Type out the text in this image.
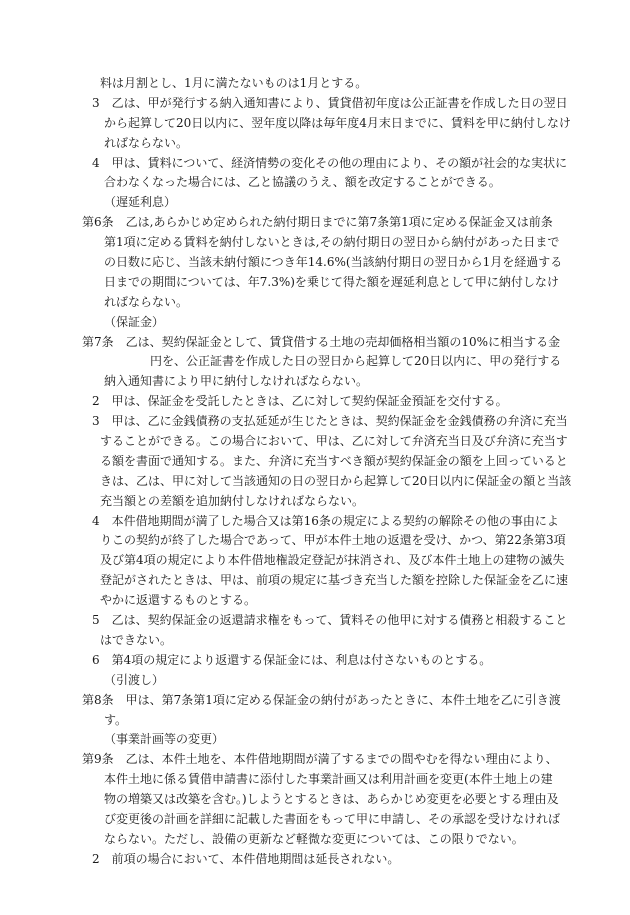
料は月割とし、1月に満たないものは1月とする。
3　乙は、甲が発行する納入通知書により、賃貸借初年度は公正証書を作成した日の翌日
から起算して20日以内に、翌年度以降は毎年度4月末日までに、賃料を甲に納付しなけ
ればならない。
4　甲は、賃料について、経済情勢の変化その他の理由により、その額が社会的な実状に
合わなくなった場合には、乙と協議のうえ、額を改定することができる。
（遅延利息）
第6条　乙は,あらかじめ定められた納付期日までに第7条第1項に定める保証金又は前条
第1項に定める賃料を納付しないときは,その納付期日の翌日から納付があった日まで
の日数に応じ、当該未納付額につき年14.6%(当該納付期日の翌日から1月を経過する
日までの期間については、年7.3%)を乗じて得た額を遅延利息として甲に納付しなけ
ればならない。
（保証金）
第7条　乙は、契約保証金として、賃貸借する土地の売却価格相当額の10%に相当する金
円を、公正証書を作成した日の翌日から起算して20日以内に、甲の発行する
納入通知書により甲に納付しなければならない。
2　甲は、保証金を受託したときは、乙に対して契約保証金預証を交付する。
3　甲は、乙に金銭債務の支払延延が生じたときは、契約保証金を金銭債務の弁済に充当
することができる。この場合において、甲は、乙に対して弁済充当日及び弁済に充当す
る額を書面で通知する。また、弁済に充当すべき額が契約保証金の額を上回っていると
きは、乙は、甲に対して当該通知の日の翌日から起算して20日以内に保証金の額と当該
充当額との差額を追加納付しなければならない。
4　本件借地期間が満了した場合又は第16条の規定による契約の解除その他の事由によ
りこの契約が終了した場合であって、甲が本件土地の返還を受け、かつ、第22条第3項
及び第4項の規定により本件借地権設定登記が抹消され、及び本件土地上の建物の滅失
登記がされたときは、甲は、前項の規定に基づき充当した額を控除した保証金を乙に速
やかに返還するものとする。
5　乙は、契約保証金の返還請求権をもって、賃料その他甲に対する債務と相殺すること
はできない。
6　第4項の規定により返還する保証金には、利息は付さないものとする。
（引渡し）
第8条　甲は、第7条第1項に定める保証金の納付があったときに、本件土地を乙に引き渡
す。
（事業計画等の変更）
第9条　乙は、本件土地を、本件借地期間が満了するまでの間やむを得ない理由により、
本件土地に係る賃借申請書に添付した事業計画又は利用計画を変更(本件土地上の建
物の増築又は改築を含む。)しようとするときは、あらかじめ変更を必要とする理由及
び変更後の計画を詳細に記載した書面をもって甲に申請し、その承認を受けなければ
ならない。ただし、設備の更新など軽微な変更については、この限りでない。
2　前項の場合において、本件借地期間は延長されない。
